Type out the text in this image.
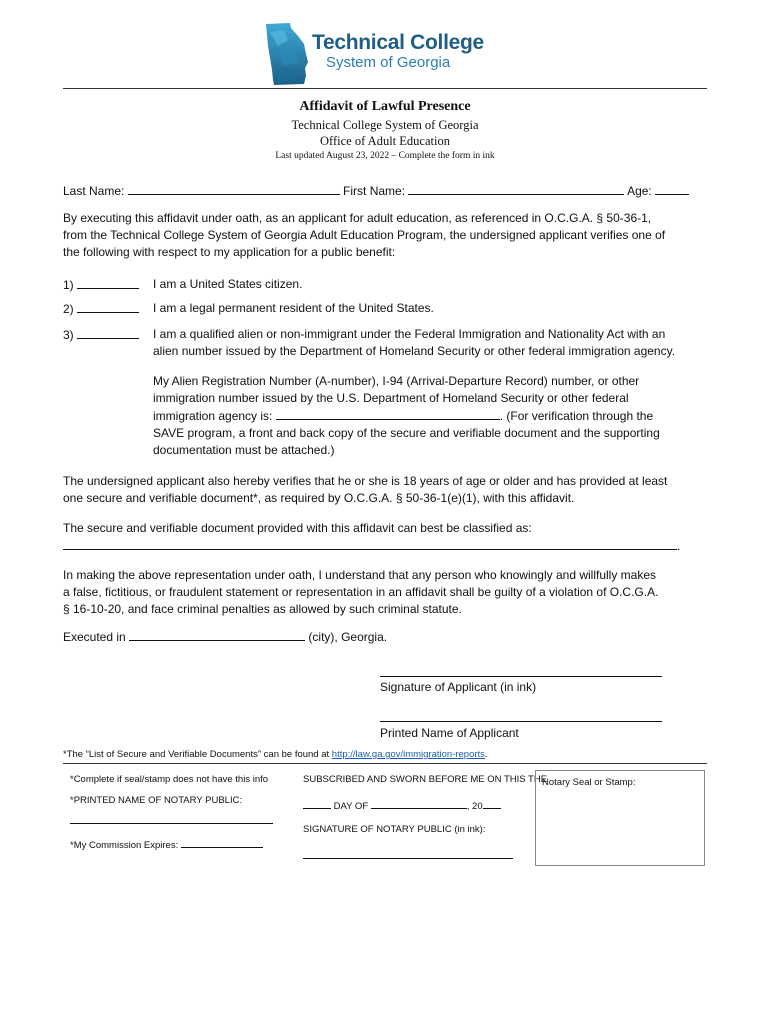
Technical College
System of Georgia
Affidavit of Lawful Presence
Technical College System of Georgia
Office of Adult Education
Last updated August 23, 2022 – Complete the form in ink
Last Name:	First Name:	Age:
By executing this affidavit under oath, as an applicant for adult education, as referenced in O.C.G.A. § 50-36-1,
from the Technical College System of Georgia Adult Education Program, the undersigned applicant verifies one of
the following with respect to my application for a public benefit:
1)	I am a United States citizen.
2)	I am a legal permanent resident of the United States.
3)	I am a qualified alien or non-immigrant under the Federal Immigration and Nationality Act with an
alien number issued by the Department of Homeland Security or other federal immigration agency.
My Alien Registration Number (A-number), I-94 (Arrival-Departure Record) number, or other
immigration number issued by the U.S. Department of Homeland Security or other federal
immigration agency is:	. (For verification through the
SAVE program, a front and back copy of the secure and verifiable document and the supporting
documentation must be attached.)
The undersigned applicant also hereby verifies that he or she is 18 years of age or older and has provided at least
one secure and verifiable document*, as required by O.C.G.A. § 50-36-1(e)(1), with this affidavit.
The secure and verifiable document provided with this affidavit can best be classified as:
.
In making the above representation under oath, I understand that any person who knowingly and willfully makes
a false, fictitious, or fraudulent statement or representation in an affidavit shall be guilty of a violation of O.C.G.A.
§ 16-10-20, and face criminal penalties as allowed by such criminal statute.
Executed in	(city), Georgia.
Signature of Applicant (in ink)
Printed Name of Applicant
*The “List of Secure and Verifiable Documents” can be found at http://law.ga.gov/immigration-reports.
*Complete if seal/stamp does not have this info
*PRINTED NAME OF NOTARY PUBLIC:
*My Commission Expires:
SUBSCRIBED AND SWORN BEFORE ME ON THIS THE
DAY OF	, 20
SIGNATURE OF NOTARY PUBLIC (in ink):
Notary Seal or Stamp:
